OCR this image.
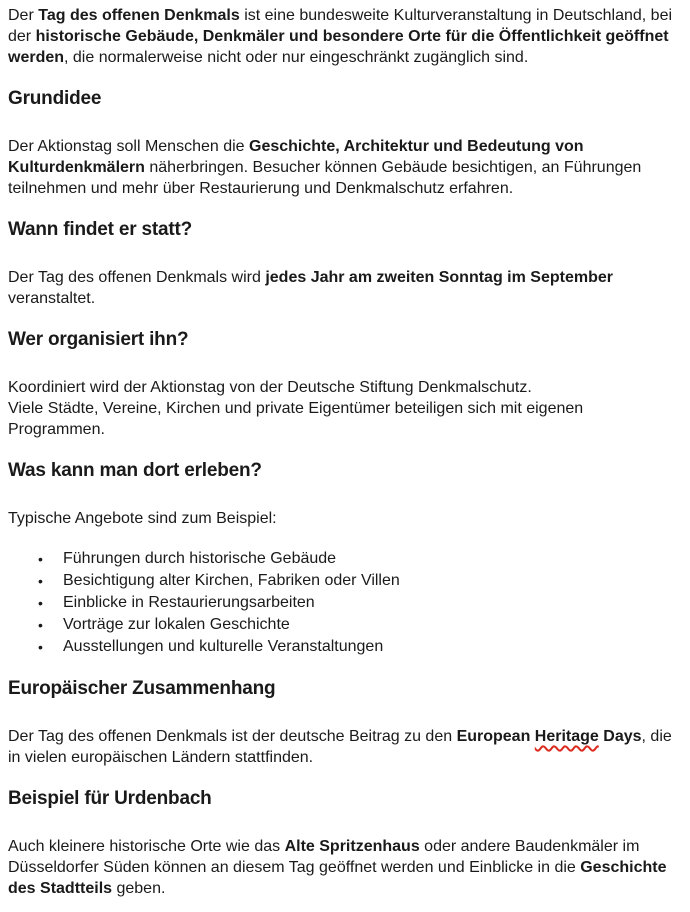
Der Tag des offenen Denkmals ist eine bundesweite Kulturveranstaltung in Deutschland, bei der historische Gebäude, Denkmäler und besondere Orte für die Öffentlichkeit geöffnet werden, die normalerweise nicht oder nur eingeschränkt zugänglich sind.

Grundidee

Der Aktionstag soll Menschen die Geschichte, Architektur und Bedeutung von Kulturdenkmälern näherbringen. Besucher können Gebäude besichtigen, an Führungen teilnehmen und mehr über Restaurierung und Denkmalschutz erfahren.

Wann findet er statt?

Der Tag des offenen Denkmals wird jedes Jahr am zweiten Sonntag im September veranstaltet.

Wer organisiert ihn?

Koordiniert wird der Aktionstag von der Deutsche Stiftung Denkmalschutz.
Viele Städte, Vereine, Kirchen und private Eigentümer beteiligen sich mit eigenen Programmen.

Was kann man dort erleben?

Typische Angebote sind zum Beispiel:

• Führungen durch historische Gebäude
• Besichtigung alter Kirchen, Fabriken oder Villen
• Einblicke in Restaurierungsarbeiten
• Vorträge zur lokalen Geschichte
• Ausstellungen und kulturelle Veranstaltungen
Europäischer Zusammenhang

Der Tag des offenen Denkmals ist der deutsche Beitrag zu den European Heritage Days, die in vielen europäischen Ländern stattfinden.

Beispiel für Urdenbach

Auch kleinere historische Orte wie das Alte Spritzenhaus oder andere Baudenkmäler im Düsseldorfer Süden können an diesem Tag geöffnet werden und Einblicke in die Geschichte des Stadtteils geben.
